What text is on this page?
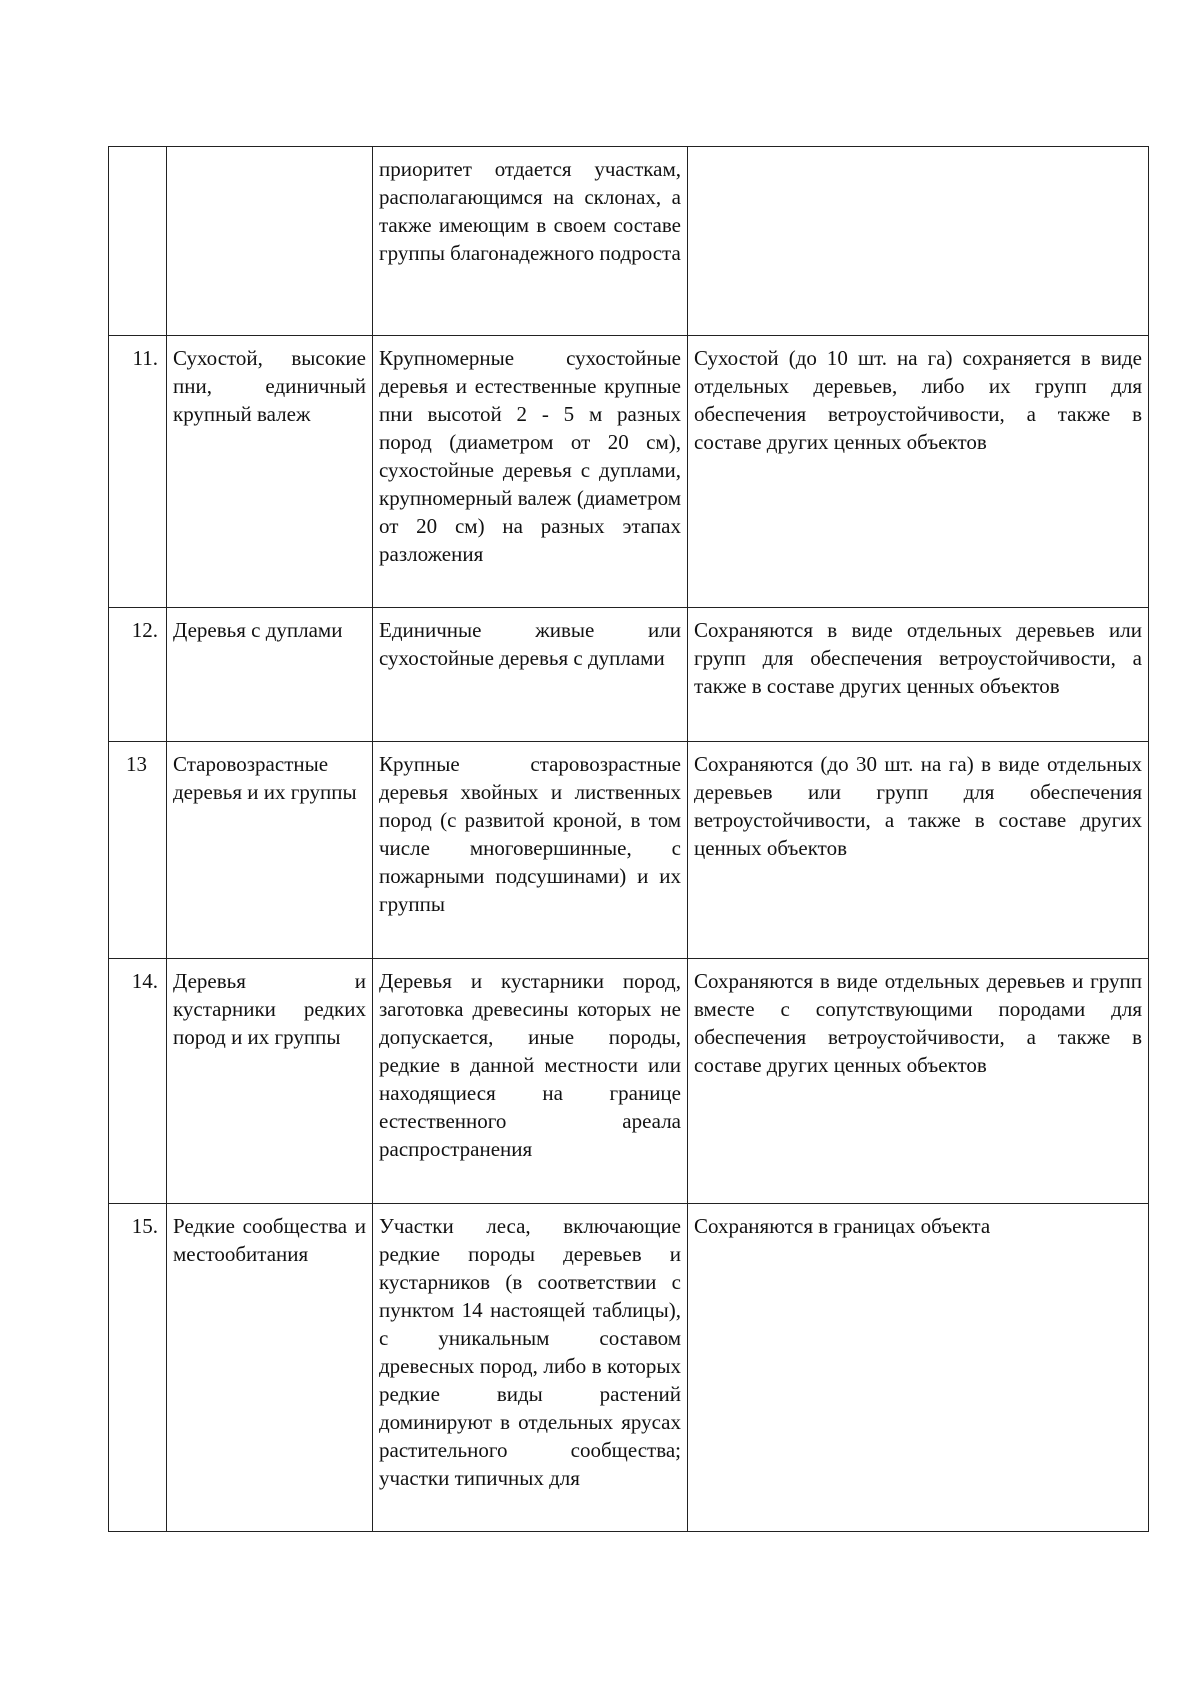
		приоритет отдается участкам, располагающимся на склонах, а также имеющим в своем составе группы благонадежного подроста	
11.	Сухостой, высокие пни, единичный крупный валеж	Крупномерные сухостойные деревья и естественные крупные пни высотой 2 - 5 м разных пород (диаметром от 20 см), сухостойные деревья с дуплами, крупномерный валеж (диаметром от 20 см) на разных этапах разложения	Сухостой (до 10 шт. на га) сохраняется в виде отдельных деревьев, либо их групп для обеспечения ветроустойчивости, а также в составе других ценных объектов
12.	Деревья с дуплами	Единичные живые или сухостойные деревья с дуплами	Сохраняются в виде отдельных деревьев или групп для обеспечения ветроустойчивости, а также в составе других ценных объектов
13	Старовозрастные деревья и их группы	Крупные старовозрастные деревья хвойных и лиственных пород (с развитой кроной, в том числе многовершинные, с пожарными подсушинами) и их группы	Сохраняются (до 30 шт. на га) в виде отдельных деревьев или групп для обеспечения ветроустойчивости, а также в составе других ценных объектов
14.	Деревья и кустарники редких пород и их группы	Деревья и кустарники пород, заготовка древесины которых не допускается, иные породы, редкие в данной местности или находящиеся на границе естественного ареала распространения	Сохраняются в виде отдельных деревьев и групп вместе с сопутствующими породами для обеспечения ветроустойчивости, а также в составе других ценных объектов
15.	Редкие сообщества и местообитания	Участки леса, включающие редкие породы деревьев и кустарников (в соответствии с пунктом 14 настоящей таблицы), с уникальным составом древесных пород, либо в которых редкие виды растений доминируют в отдельных ярусах растительного сообщества; участки типичных для	Сохраняются в границах объекта
